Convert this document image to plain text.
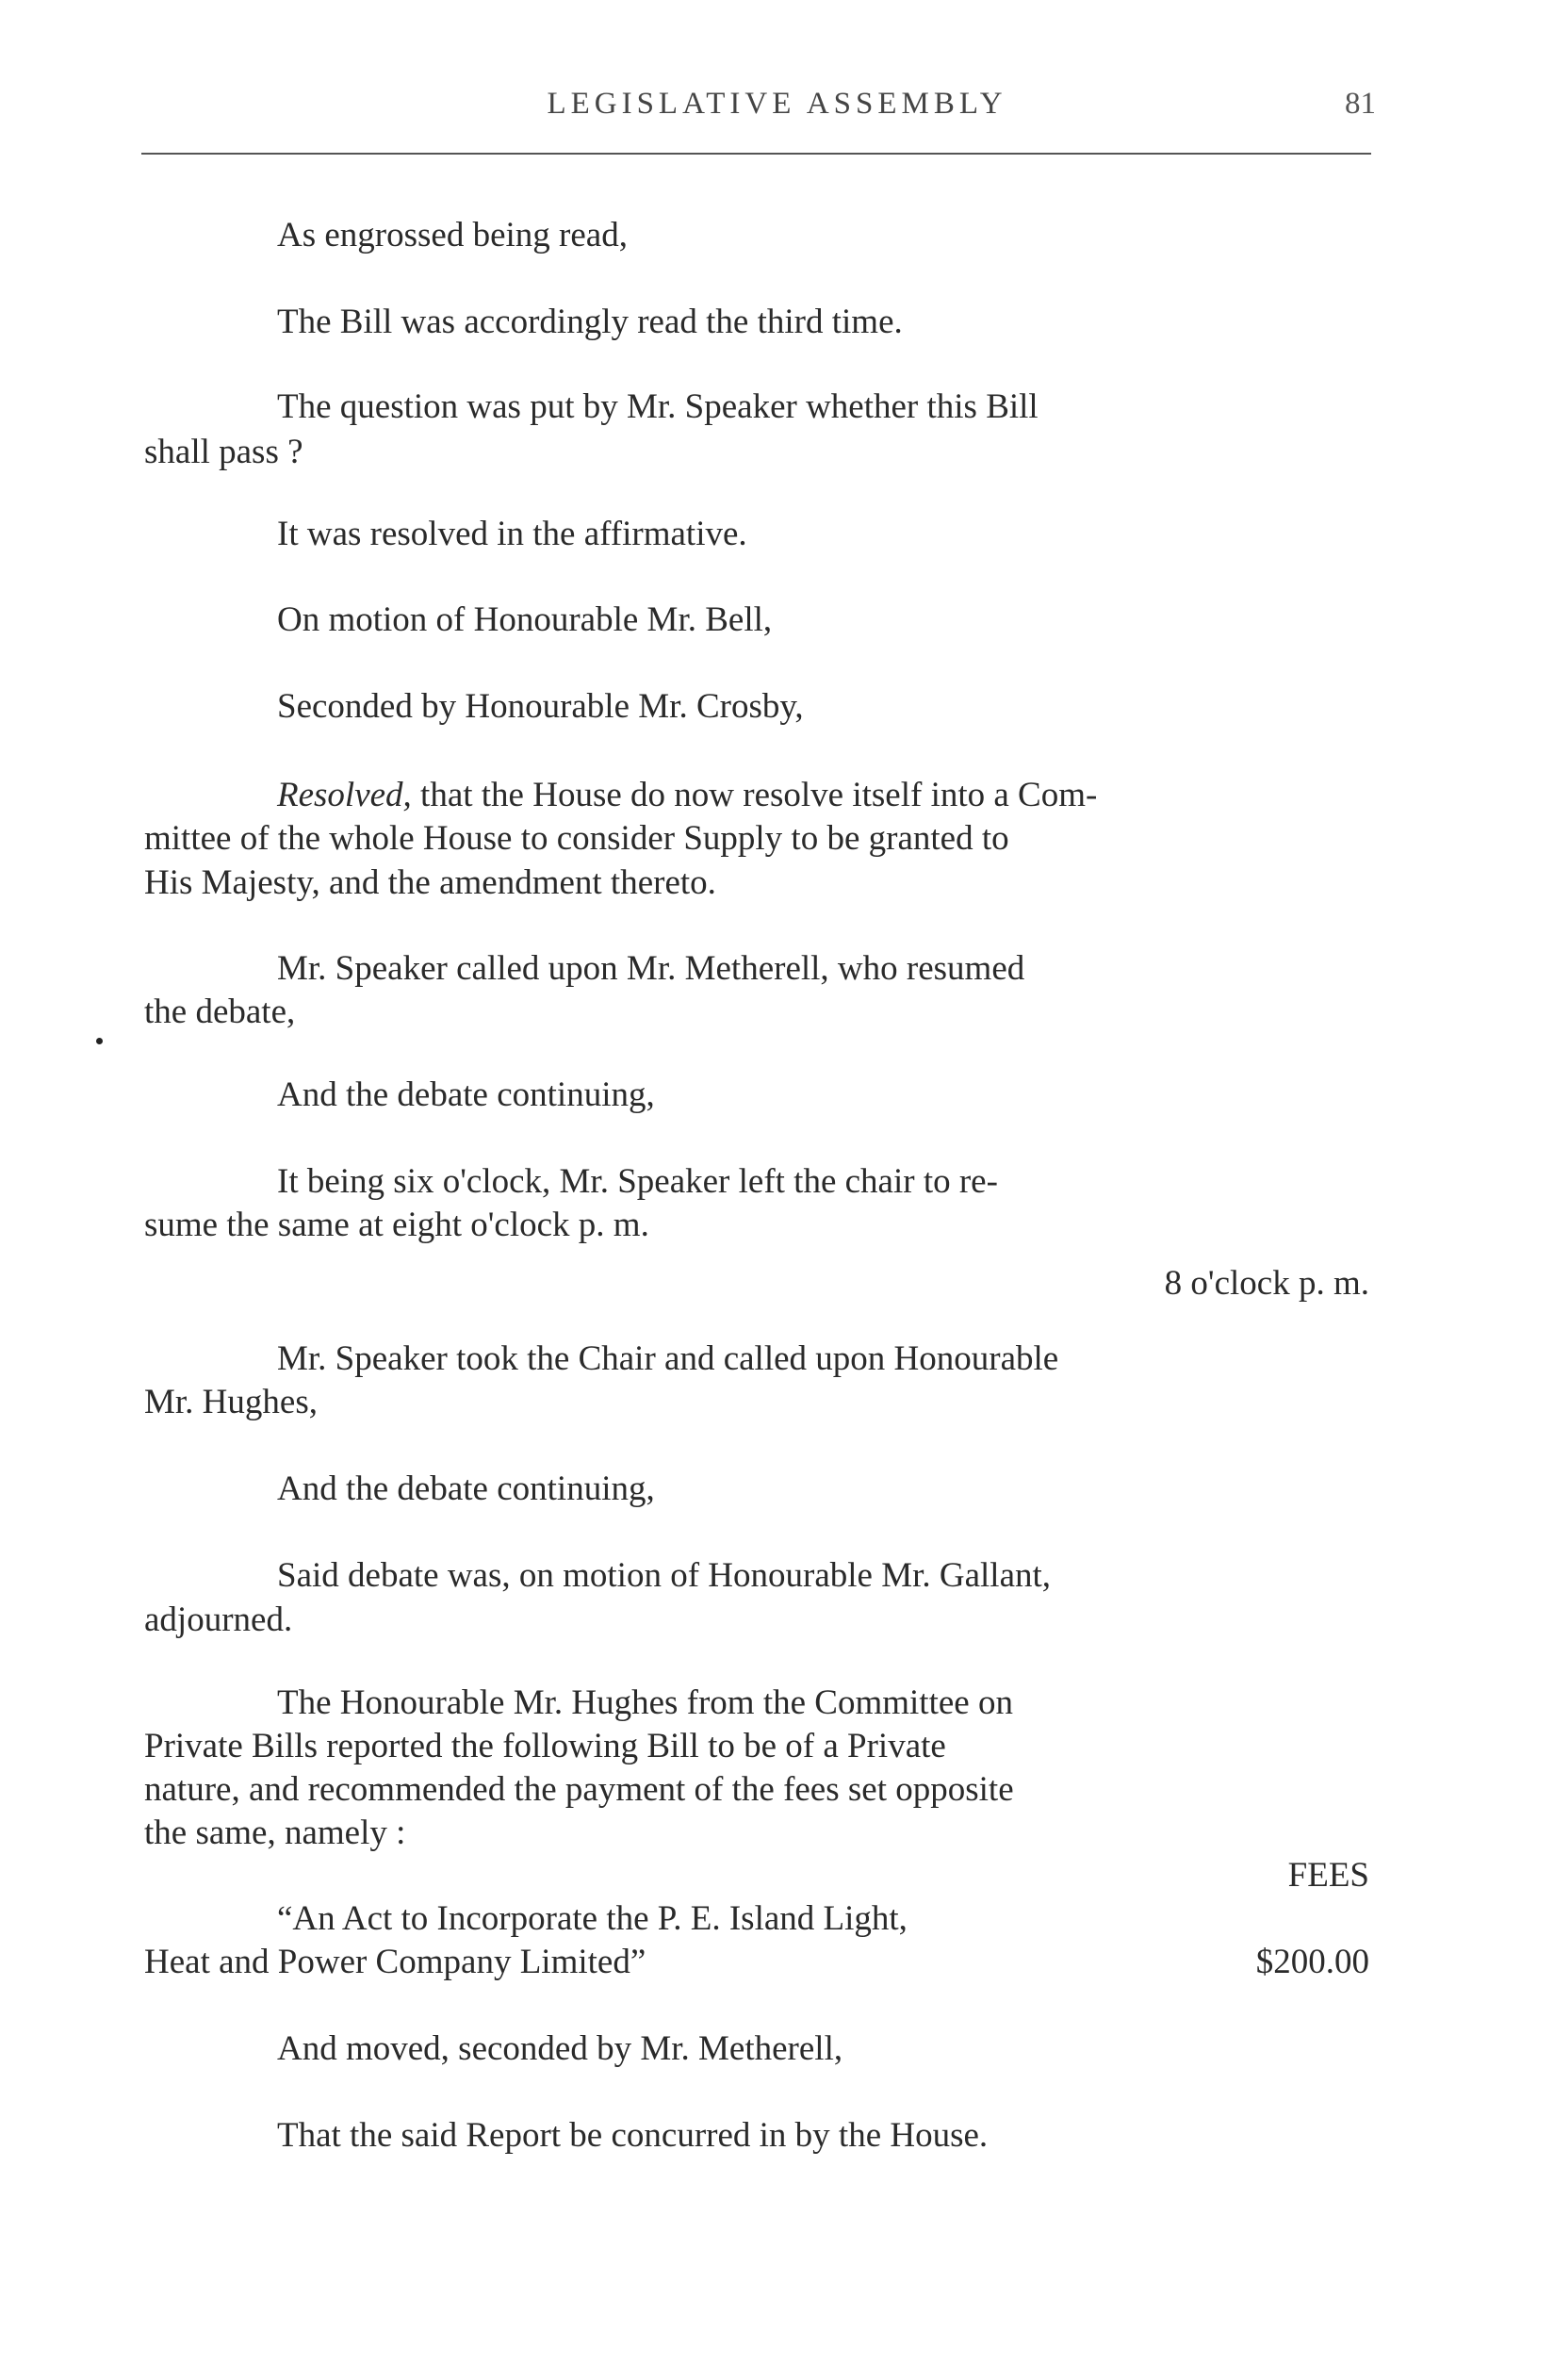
LEGISLATIVE ASSEMBLY	81
As engrossed being read,
The Bill was accordingly read the third time.
The question was put by Mr. Speaker whether this Bill
shall pass ?
It was resolved in the affirmative.
On motion of Honourable Mr. Bell,
Seconded by Honourable Mr. Crosby,
Resolved, that the House do now resolve itself into a Com-
mittee of the whole House to consider Supply to be granted to
His Majesty, and the amendment thereto.
Mr. Speaker called upon Mr. Metherell, who resumed
the debate,
And the debate continuing,
It being six o'clock, Mr. Speaker left the chair to re-
sume the same at eight o'clock p. m.
8 o'clock p. m.
Mr. Speaker took the Chair and called upon Honourable
Mr. Hughes,
And the debate continuing,
Said debate was, on motion of Honourable Mr. Gallant,
adjourned.
The Honourable Mr. Hughes from the Committee on
Private Bills reported the following Bill to be of a Private
nature, and recommended the payment of the fees set opposite
the same, namely :
FEES
“An Act to Incorporate the P. E. Island Light,
Heat and Power Company Limited”	$200.00
And moved, seconded by Mr. Metherell,
That the said Report be concurred in by the House.
